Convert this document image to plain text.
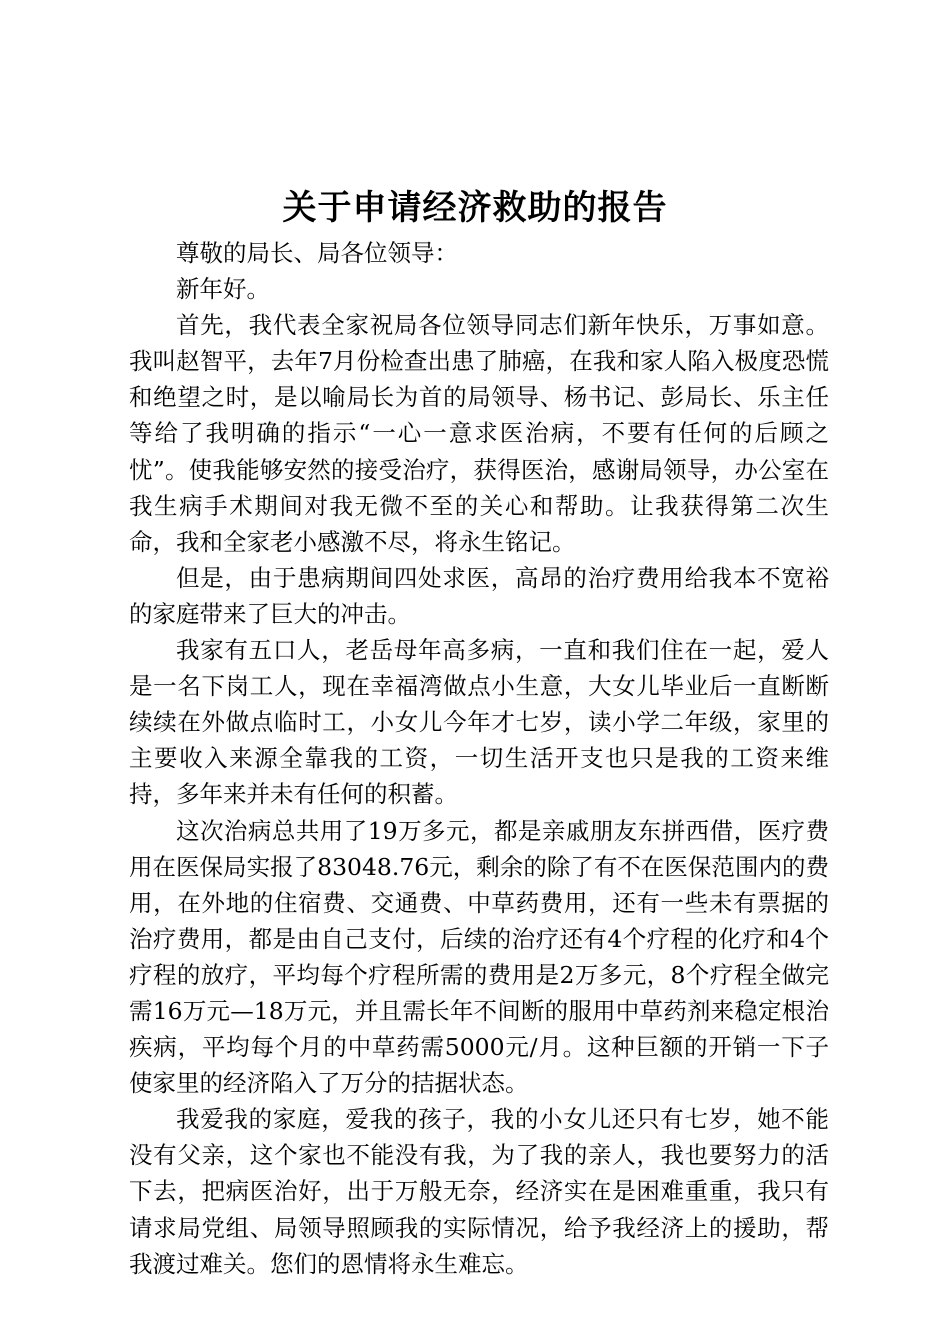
关于申请经济救助的报告

尊敬的局长、局各位领导：

新年好。

首先，我代表全家祝局各位领导同志们新年快乐，万事如意。我叫赵智平，去年7月份检查出患了肺癌，在我和家人陷入极度恐慌和绝望之时，是以喻局长为首的局领导、杨书记、彭局长、乐主任等给了我明确的指示“一心一意求医治病，不要有任何的后顾之忧”。使我能够安然的接受治疗，获得医治，感谢局领导，办公室在我生病手术期间对我无微不至的关心和帮助。让我获得第二次生命，我和全家老小感激不尽，将永生铭记。

但是，由于患病期间四处求医，高昂的治疗费用给我本不宽裕的家庭带来了巨大的冲击。

我家有五口人，老岳母年高多病，一直和我们住在一起，爱人是一名下岗工人，现在幸福湾做点小生意，大女儿毕业后一直断断续续在外做点临时工，小女儿今年才七岁，读小学二年级，家里的主要收入来源全靠我的工资，一切生活开支也只是我的工资来维持，多年来并未有任何的积蓄。

这次治病总共用了19万多元，都是亲戚朋友东拼西借，医疗费用在医保局实报了83048.76元，剩余的除了有不在医保范围内的费用，在外地的住宿费、交通费、中草药费用，还有一些未有票据的治疗费用，都是由自己支付，后续的治疗还有4个疗程的化疗和4个疗程的放疗，平均每个疗程所需的费用是2万多元，8个疗程全做完需16万元—18万元，并且需长年不间断的服用中草药剂来稳定根治疾病，平均每个月的中草药需5000元/月。这种巨额的开销一下子使家里的经济陷入了万分的拮据状态。

我爱我的家庭，爱我的孩子，我的小女儿还只有七岁，她不能没有父亲，这个家也不能没有我，为了我的亲人，我也要努力的活下去，把病医治好，出于万般无奈，经济实在是困难重重，我只有请求局党组、局领导照顾我的实际情况，给予我经济上的援助，帮我渡过难关。您们的恩情将永生难忘。
